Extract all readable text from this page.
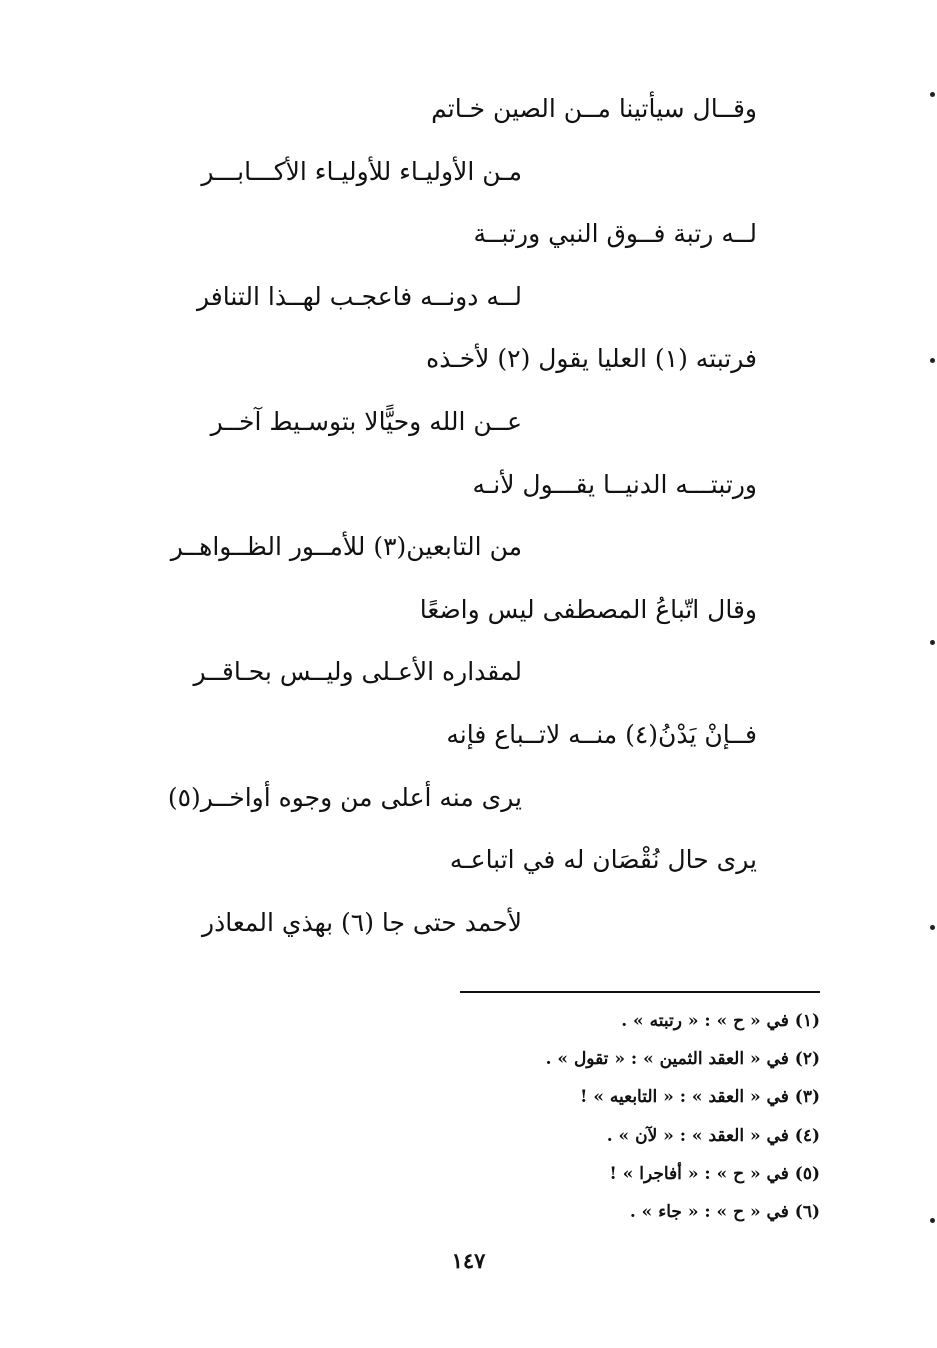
وقــال سيأتينا مــن الصين خـاتم
مـن الأوليـاء للأوليـاء الأكـــابـــر
لــه رتبة فــوق النبي ورتبــة
لــه دونــه فاعجـب لهــذا التنافر
فرتبته (١) العليا يقول (٢) لأخـذه
عــن الله وحيًّالا بتوسـيط آخــر
ورتبتـــه الدنيــا يقـــول لأنـه
من التابعين(٣) للأمــور الظــواهــر
وقال اتّباعُ المصطفى ليس واضعًا
لمقداره الأعـلى وليــس بحـاقــر
فــإنْ يَدْنُ(٤) منــه لاتــباع فإنه
يرى منه أعلى من وجوه أواخــر(٥)
يرى حال نُقْصَان له في اتباعـه
لأحمد حتى جا (٦) بهذي المعاذر
(١) في « ح » : « رتبته » .
(٢) في « العقد الثمين » : « تقول » .
(٣) في « العقد » : « التابعيه » !
(٤) في « العقد » : « لآن » .
(٥) في « ح » : « أفاجرا » !
(٦) في « ح » : « جاء » .
١٤٧
